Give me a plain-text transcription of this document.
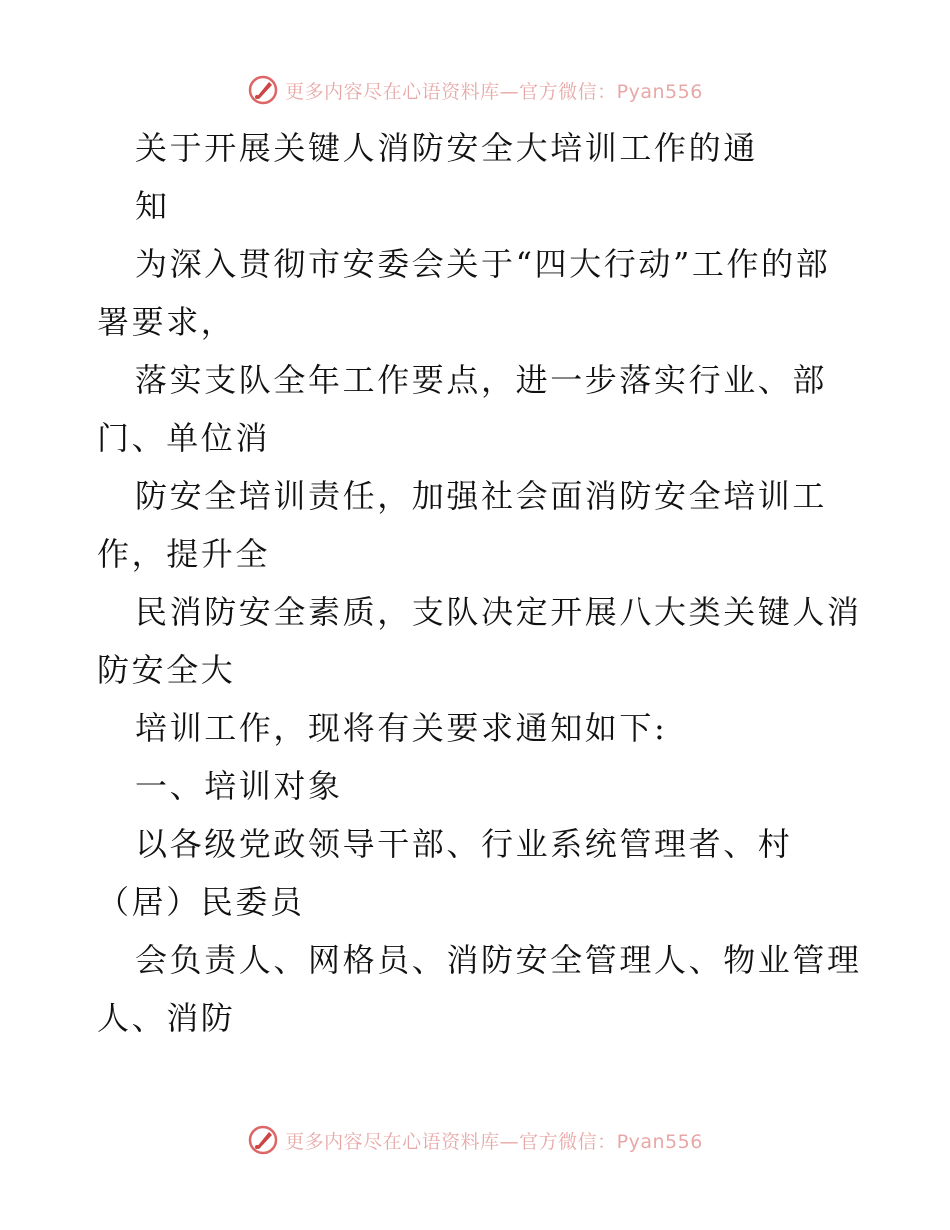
更多内容尽在心语资料库—官方微信：Pyan556
关于开展关键人消防安全大培训工作的通
知
为深入贯彻市安委会关于“四大行动”工作的部
署要求，
落实支队全年工作要点，进一步落实行业、部
门、单位消
防安全培训责任，加强社会面消防安全培训工
作，提升全
民消防安全素质，支队决定开展八大类关键人消
防安全大
培训工作，现将有关要求通知如下:
一、培训对象
以各级党政领导干部、行业系统管理者、村
（居）民委员
会负责人、网格员、消防安全管理人、物业管理
人、消防
更多内容尽在心语资料库—官方微信：Pyan556
